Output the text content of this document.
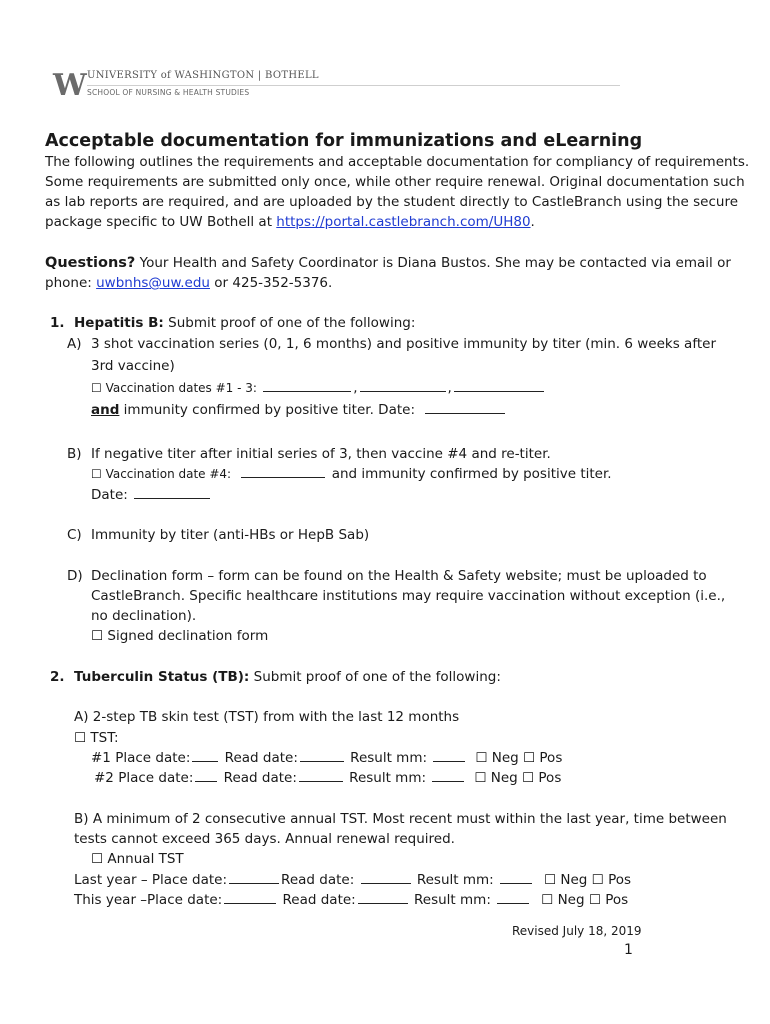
W UNIVERSITY of WASHINGTON | BOTHELL
SCHOOL OF NURSING & HEALTH STUDIES
Acceptable documentation for immunizations and eLearning
The following outlines the requirements and acceptable documentation for compliancy of requirements.
Some requirements are submitted only once, while other require renewal. Original documentation such
as lab reports are required, and are uploaded by the student directly to CastleBranch using the secure
package specific to UW Bothell at https://portal.castlebranch.com/UH80.
Questions? Your Health and Safety Coordinator is Diana Bustos. She may be contacted via email or
phone: uwbnhs@uw.edu or 425-352-5376.
1. Hepatitis B: Submit proof of one of the following:
A) 3 shot vaccination series (0, 1, 6 months) and positive immunity by titer (min. 6 weeks after
3rd vaccine)
☐ Vaccination dates #1 - 3:	,	,
and immunity confirmed by positive titer. Date:
B) If negative titer after initial series of 3, then vaccine #4 and re-titer.
☐ Vaccination date #4:	and immunity confirmed by positive titer.
Date:
C) Immunity by titer (anti-HBs or HepB Sab)
D) Declination form – form can be found on the Health & Safety website; must be uploaded to
CastleBranch. Specific healthcare institutions may require vaccination without exception (i.e.,
no declination).
☐ Signed declination form
2. Tuberculin Status (TB): Submit proof of one of the following:
A) 2-step TB skin test (TST) from with the last 12 months
☐ TST:
#1 Place date:	Read date:	Result mm:	☐ Neg ☐ Pos
#2 Place date: Read date:	Result mm:	☐ Neg ☐ Pos
B) A minimum of 2 consecutive annual TST. Most recent must within the last year, time between
tests cannot exceed 365 days. Annual renewal required.
☐ Annual TST
Last year – Place date:	Read date:	Result mm:	☐ Neg ☐ Pos
This year –Place date:	Read date:	Result mm:	☐ Neg ☐ Pos
Revised July 18, 2019
1
